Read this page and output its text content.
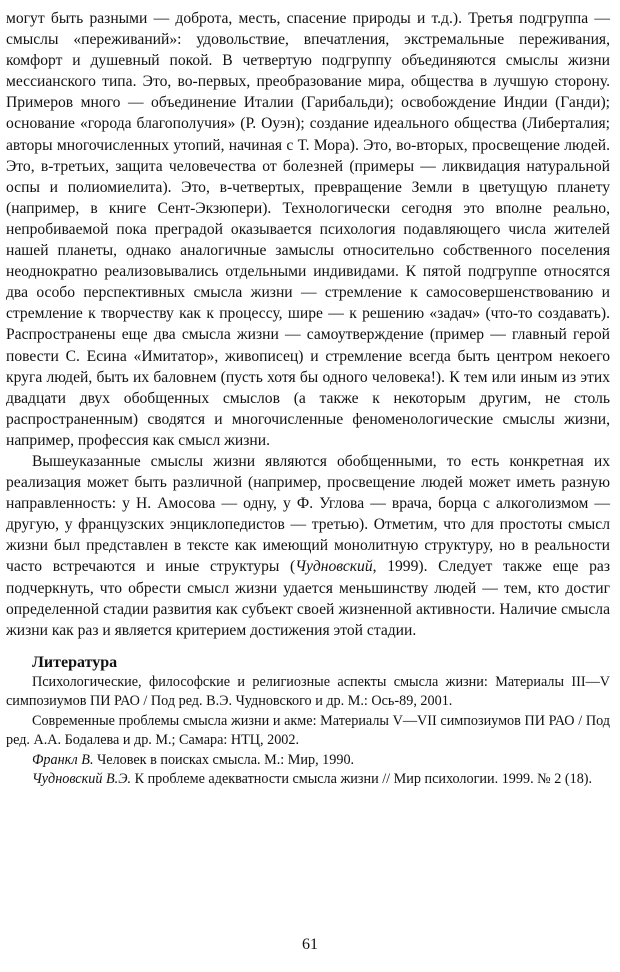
могут быть разными — доброта, месть, спасение природы и т.д.). Третья подгруппа — смыслы «переживаний»: удовольствие, впечатления, экстремальные переживания, комфорт и душевный покой. В четвертую подгруппу объединяются смыслы жизни мессианского типа. Это, во-первых, преобразование мира, общества в лучшую сторону. Примеров много — объединение Италии (Гарибальди); освобождение Индии (Ганди); основание «города благополучия» (Р. Оуэн); создание идеального общества (Либерталия; авторы многочисленных утопий, начиная с Т. Мора). Это, во-вторых, просвещение людей. Это, в-третьих, защита человечества от болезней (примеры — ликвидация натуральной оспы и полиомиелита). Это, в-четвертых, превращение Земли в цветущую планету (например, в книге Сент-Экзюпери). Технологически сегодня это вполне реально, непробиваемой пока преградой оказывается психология подавляющего числа жителей нашей планеты, однако аналогичные замыслы относительно собственного поселения неоднократно реализовывались отдельными индивидами. К пятой подгруппе относятся два особо перспективных смысла жизни — стремление к самосовершенствованию и стремление к творчеству как к процессу, шире — к решению «задач» (что-то создавать). Распространены еще два смысла жизни — самоутверждение (пример — главный герой повести С. Есина «Имитатор», живописец) и стремление всегда быть центром некоего круга людей, быть их баловнем (пусть хотя бы одного человека!). К тем или иным из этих двадцати двух обобщенных смыслов (а также к некоторым другим, не столь распространенным) сводятся и многочисленные феноменологические смыслы жизни, например, профессия как смысл жизни.

Вышеуказанные смыслы жизни являются обобщенными, то есть конкретная их реализация может быть различной (например, просвещение людей может иметь разную направленность: у Н. Амосова — одну, у Ф. Углова — врача, борца с алкоголизмом — другую, у французских энциклопедистов — третью). Отметим, что для простоты смысл жизни был представлен в тексте как имеющий монолитную структуру, но в реальности часто встречаются и иные структуры (Чудновский, 1999). Следует также еще раз подчеркнуть, что обрести смысл жизни удается меньшинству людей — тем, кто достиг определенной стадии развития как субъект своей жизненной активности. Наличие смысла жизни как раз и является критерием достижения этой стадии.

Литература

Психологические, философские и религиозные аспекты смысла жизни: Материалы III—V симпозиумов ПИ РАО / Под ред. В.Э. Чудновского и др. М.: Ось-89, 2001.

Современные проблемы смысла жизни и акме: Материалы V—VII симпозиумов ПИ РАО / Под ред. А.А. Бодалева и др. М.; Самара: НТЦ, 2002.

Франкл В. Человек в поисках смысла. М.: Мир, 1990.

Чудновский В.Э. К проблеме адекватности смысла жизни // Мир психологии. 1999. № 2 (18).

61
